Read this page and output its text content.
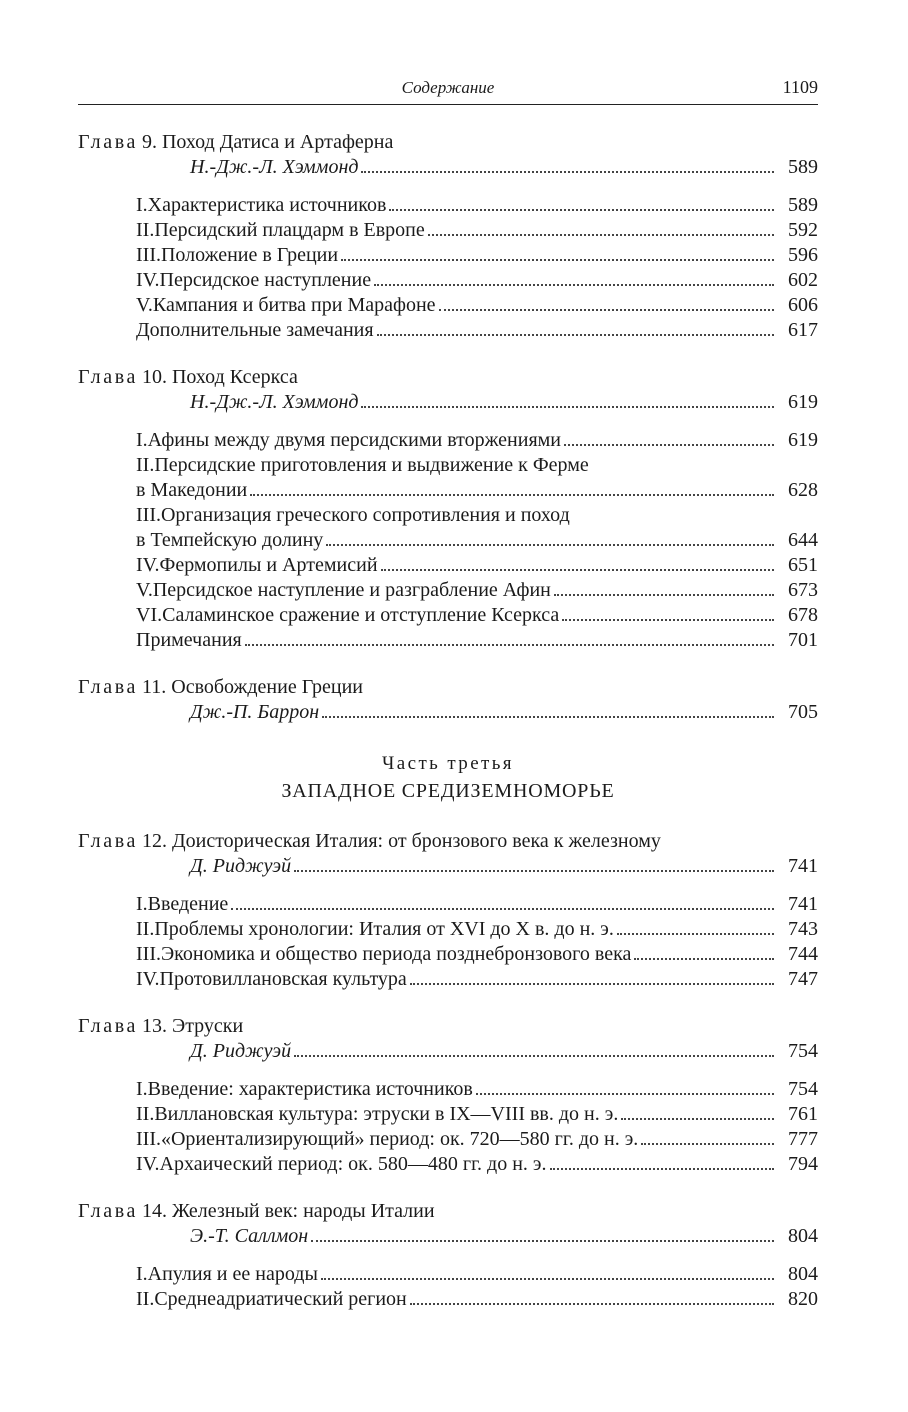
Содержание	1109
Глава 9. Поход Датиса и Артаферна
Н.-Дж.-Л. Хэммонд	589
I.Характеристика источников	589
II.Персидский плацдарм в Европе	592
III.Положение в Греции	596
IV.Персидское наступление	602
V.Кампания и битва при Марафоне	606
Дополнительные замечания	617
Глава 10. Поход Ксеркса
Н.-Дж.-Л. Хэммонд	619
I.Афины между двумя персидскими вторжениями	619
II.Персидские приготовления и выдвижение к Ферме
в Македонии	628
III.Организация греческого сопротивления и поход
в Темпейскую долину	644
IV.Фермопилы и Артемисий	651
V.Персидское наступление и разграбление Афин	673
VI.Саламинское сражение и отступление Ксеркса	678
Примечания	701
Глава 11. Освобождение Греции
Дж.-П. Баррон	705
Часть третья
ЗАПАДНОЕ СРЕДИЗЕМНОМОРЬЕ
Глава 12. Доисторическая Италия: от бронзового века к железному
Д. Риджуэй	741
I.Введение	741
II.Проблемы хронологии: Италия от XVI до X в. до н. э.	743
III.Экономика и общество периода позднебронзового века	744
IV.Протовиллановская культура	747
Глава 13. Этруски
Д. Риджуэй	754
I.Введение: характеристика источников	754
II.Виллановская культура: этруски в IX—VIII вв. до н. э.	761
III.«Ориентализирующий» период: ок. 720—580 гг. до н. э.	777
IV.Архаический период: ок. 580—480 гг. до н. э.	794
Глава 14. Железный век: народы Италии
Э.-Т. Саллмон	804
I.Апулия и ее народы	804
II.Среднеадриатический регион	820
